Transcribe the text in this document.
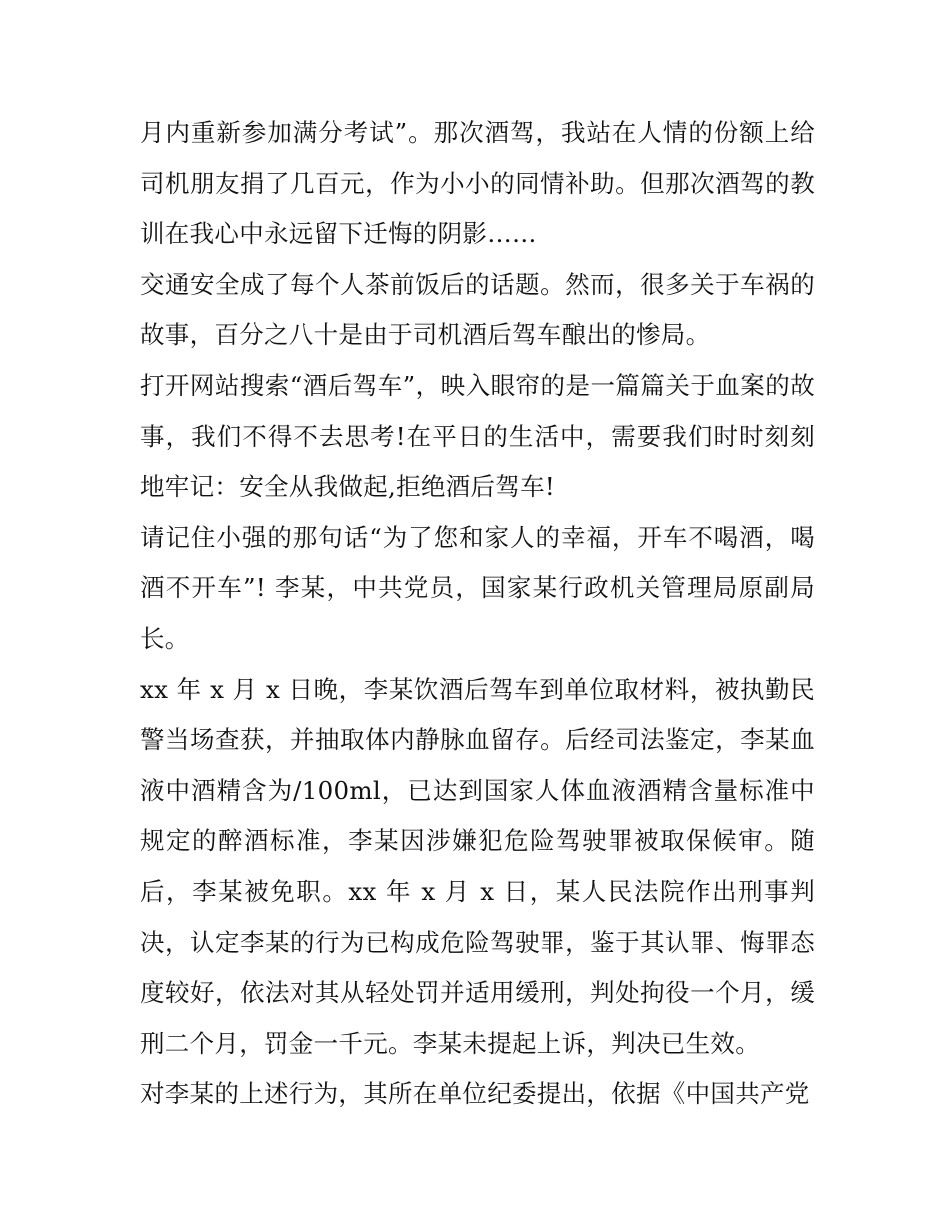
月内重新参加满分考试”。那次酒驾，我站在人情的份额上给司机朋友捐了几百元，作为小小的同情补助。但那次酒驾的教训在我心中永远留下迁悔的阴影……

交通安全成了每个人茶前饭后的话题。然而，很多关于车祸的故事，百分之八十是由于司机酒后驾车酿出的惨局。

打开网站搜索“酒后驾车”，映入眼帘的是一篇篇关于血案的故事，我们不得不去思考!在平日的生活中，需要我们时时刻刻地牢记：安全从我做起,拒绝酒后驾车!

请记住小强的那句话“为了您和家人的幸福，开车不喝酒，喝酒不开车”! 李某，中共党员，国家某行政机关管理局原副局长。

xx 年 x 月 x 日晚，李某饮酒后驾车到单位取材料，被执勤民警当场查获，并抽取体内静脉血留存。后经司法鉴定，李某血液中酒精含为/100ml，已达到国家人体血液酒精含量标准中规定的醉酒标准，李某因涉嫌犯危险驾驶罪被取保候审。随后，李某被免职。xx 年 x 月 x 日，某人民法院作出刑事判决，认定李某的行为已构成危险驾驶罪，鉴于其认罪、悔罪态度较好，依法对其从轻处罚并适用缓刑，判处拘役一个月，缓刑二个月，罚金一千元。李某未提起上诉，判决已生效。

对李某的上述行为，其所在单位纪委提出，依据《中国共产党
